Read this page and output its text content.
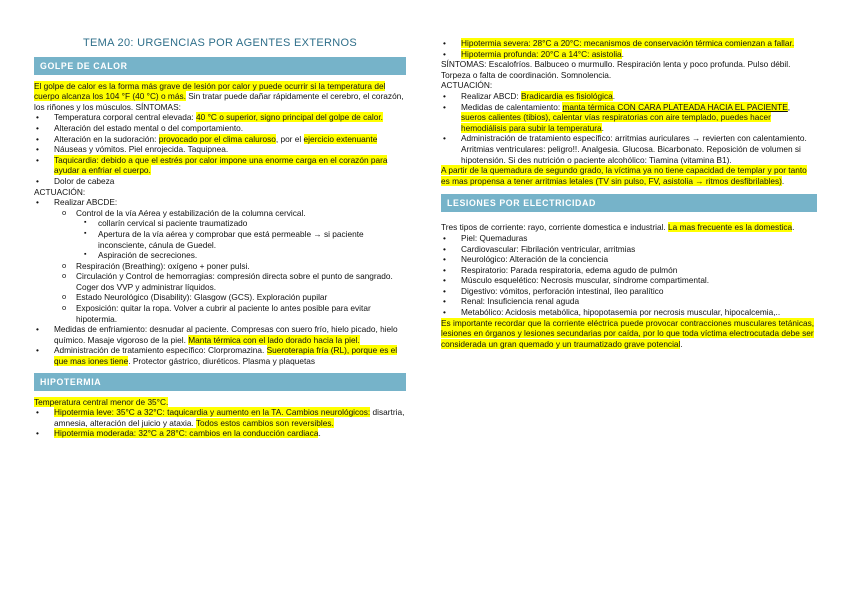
TEMA 20: URGENCIAS POR AGENTES EXTERNOS
GOLPE DE CALOR

El golpe de calor es la forma más grave de lesión por calor y puede ocurrir si la temperatura del cuerpo alcanza los 104 °F (40 °C) o más. Sin tratar puede dañar rápidamente el cerebro, el corazón, los riñones y los músculos. SÍNTOMAS:

• Temperatura corporal central elevada: 40 °C o superior, signo principal del golpe de calor.
• Alteración del estado mental o del comportamiento.
• Alteración en la sudoración: provocado por el clima caluroso, por el ejercicio extenuante
• Náuseas y vómitos. Piel enrojecida. Taquipnea.
• Taquicardia: debido a que el estrés por calor impone una enorme carga en el corazón para ayudar a enfriar el cuerpo.
• Dolor de cabeza

ACTUACIÓN:

• Realizar ABCDE:
o Control de la vía Aérea y estabilización de la columna cervical.
▪ collarín cervical si paciente traumatizado
▪ Apertura de la vía aérea y comprobar que está permeable → si paciente inconsciente, cánula de Guedel.
▪ Aspiración de secreciones.
o Respiración (Breathing): oxígeno + poner pulsi.
o Circulación y Control de hemorragias: compresión directa sobre el punto de sangrado. Coger dos VVP y administrar líquidos.
o Estado Neurológico (Disability): Glasgow (GCS). Exploración pupilar
o Exposición: quitar la ropa. Volver a cubrir al paciente lo antes posible para evitar hipotermia.
• Medidas de enfriamiento: desnudar al paciente. Compresas con suero frío, hielo picado, hielo químico. Masaje vigoroso de la piel. Manta térmica con el lado dorado hacia la piel.
• Administración de tratamiento específico: Clorpromazina. Sueroterapia fría (RL), porque es el que mas iones tiene. Protector gástrico, diuréticos. Plasma y plaquetas
HIPOTERMIA

Temperatura central menor de 35°C.

• Hipotermia leve: 35°C a 32°C: taquicardia y aumento en la TA. Cambios neurológicos: disartria, amnesia, alteración del juicio y ataxia. Todos estos cambios son reversibles.
• Hipotermia moderada: 32°C a 28°C: cambios en la conducción cardiaca.
• Hipotermia severa: 28°C a 20°C: mecanismos de conservación térmica comienzan a fallar.
• Hipotermia profunda: 20°C a 14°C: asistolia.

SÍNTOMAS: Escalofríos. Balbuceo o murmullo. Respiración lenta y poco profunda. Pulso débil. Torpeza o falta de coordinación. Somnolencia.

ACTUACIÓN:

• Realizar ABCD: Bradicardia es fisiológica.
• Medidas de calentamiento: manta térmica CON CARA PLATEADA HACIA EL PACIENTE, sueros calientes (tibios), calentar vías respiratorias con aire templado, puedes hacer hemodiálisis para subir la temperatura.
• Administración de tratamiento específico: arritmias auriculares → revierten con calentamiento. Arritmias ventriculares: peligro!!. Analgesia. Glucosa. Bicarbonato. Reposición de volumen si hipotensión. Si des nutrición o paciente alcohólico: Tiamina (vitamina B1).

A partir de la quemadura de segundo grado, la víctima ya no tiene capacidad de templar y por tanto es mas propensa a tener arritmias letales (TV sin pulso, FV, asistolia → ritmos desfibrilables).

LESIONES POR ELECTRICIDAD

Tres tipos de corriente: rayo, corriente domestica e industrial. La mas frecuente es la domestica.

• Piel: Quemaduras
• Cardiovascular: Fibrilación ventricular, arritmias
• Neurológico: Alteración de la conciencia
• Respiratorio: Parada respiratoria, edema agudo de pulmón
• Músculo esquelético: Necrosis muscular, síndrome compartimental.
• Digestivo: vómitos, perforación intestinal, íleo paralítico
• Renal: Insuficiencia renal aguda
• Metabólico: Acidosis metabólica, hipopotasemia por necrosis muscular, hipocalcemia,..

Es importante recordar que la corriente eléctrica puede provocar contracciones musculares tetánicas, lesiones en órganos y lesiones secundarias por caída, por lo que toda víctima electrocutada debe ser considerada un gran quemado y un traumatizado grave potencial.
